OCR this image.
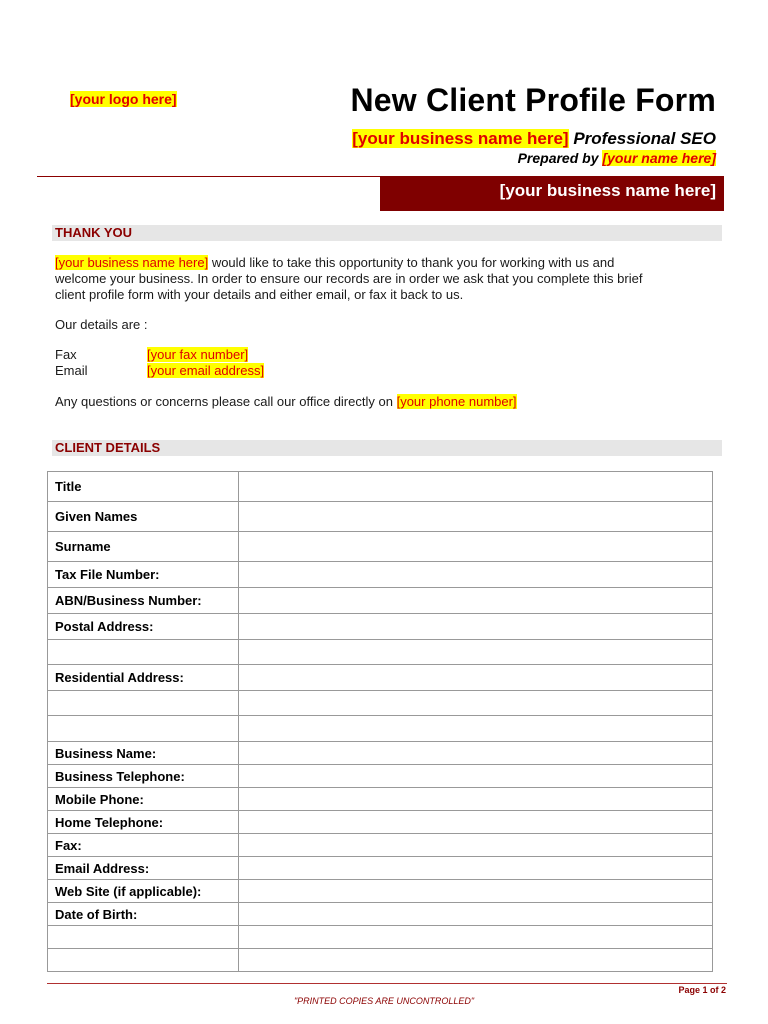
[your logo here]	New Client Profile Form
[your business name here] Professional SEO
Prepared by [your name here]
[your business name here]
THANK YOU
[your business name here] would like to take this opportunity to thank you for working with us and
welcome your business. In order to ensure our records are in order we ask that you complete this brief
client profile form with your details and either email, or fax it back to us.
Our details are :
Fax	[your fax number]
Email	[your email address]
Any questions or concerns please call our office directly on [your phone number]
CLIENT DETAILS
Title	
Given Names	
Surname	
Tax File Number:	
ABN/Business Number:	
Postal Address:	

Residential Address:	

Business Name:	
Business Telephone:	
Mobile Phone:	
Home Telephone:	
Fax:	
Email Address:	
Web Site (if applicable):	
Date of Birth:	

Page 1 of 2
"PRINTED COPIES ARE UNCONTROLLED"
